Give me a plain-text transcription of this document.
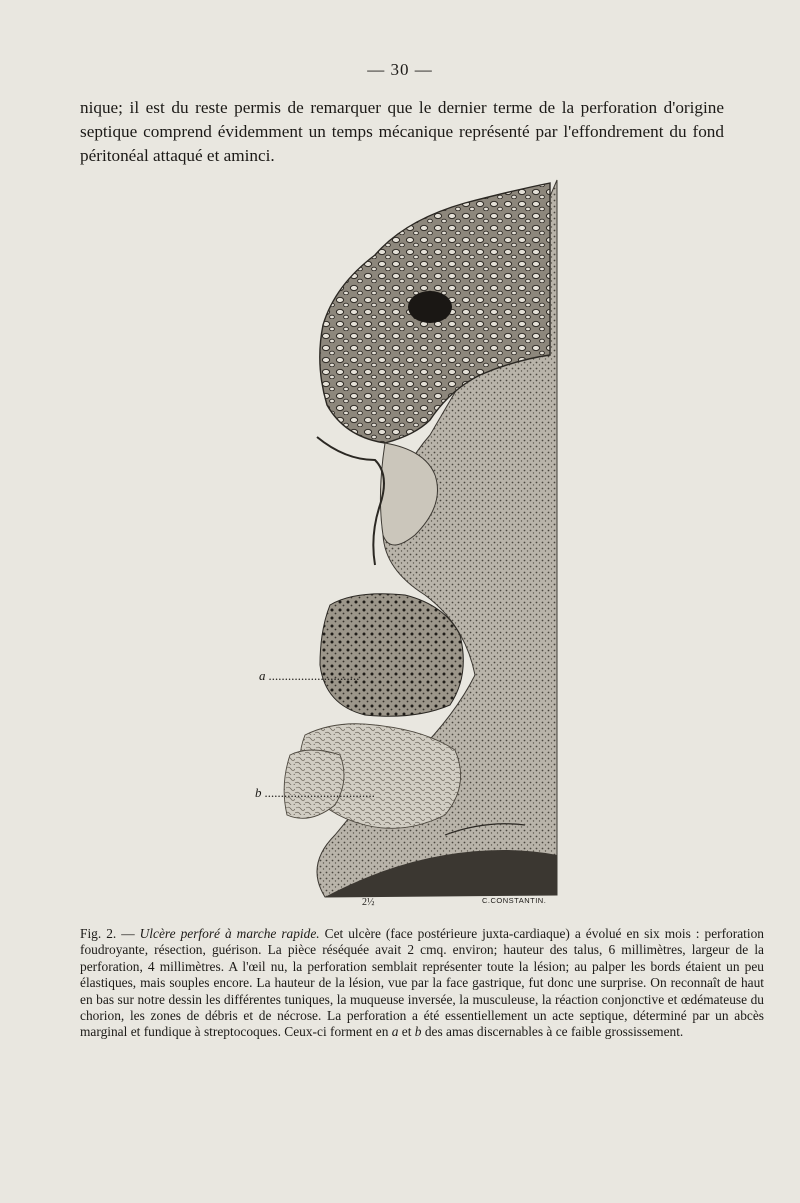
— 30 —

nique; il est du reste permis de remarquer que le dernier terme de la perforation d'origine septique comprend évidemment un temps mécanique représenté par l'effondrement du fond péritonéal attaqué et aminci.

a ............................
b ..................................
2½	C.CONSTANTIN.
Fig. 2. — Ulcère perforé à marche rapide. Cet ulcère (face postérieure juxta-cardiaque) a évolué en six mois : perforation foudroyante, résection, guérison. La pièce réséquée avait 2 cmq. environ; hauteur des talus, 6 millimètres, largeur de la perforation, 4 millimètres. A l'œil nu, la perforation semblait représenter toute la lésion; au palper les bords étaient un peu élastiques, mais souples encore. La hauteur de la lésion, vue par la face gastrique, fut donc une surprise. On reconnaît de haut en bas sur notre dessin les différentes tuniques, la muqueuse inversée, la musculeuse, la réaction conjonctive et œdémateuse du chorion, les zones de débris et de nécrose. La perforation a été essentiellement un acte septique, déterminé par un abcès marginal et fundique à streptocoques. Ceux-ci forment en a et b des amas discernables à ce faible grossissement.
